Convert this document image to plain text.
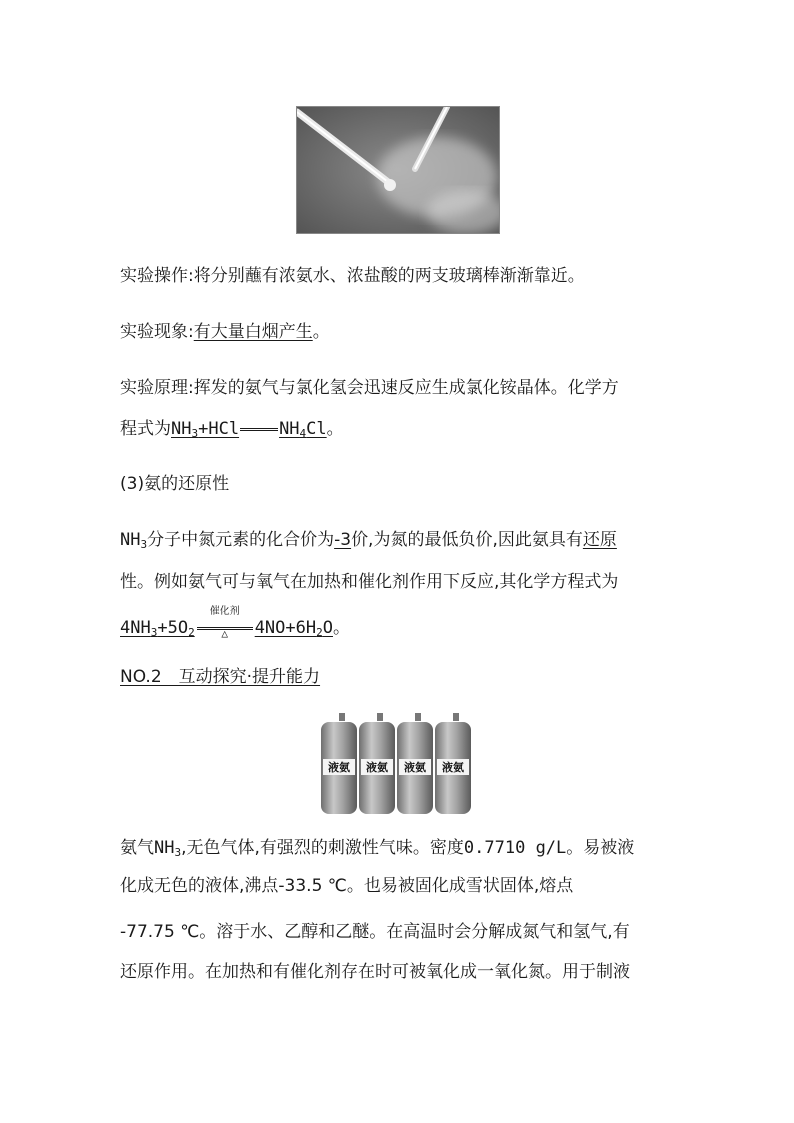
实验操作:将分别蘸有浓氨水、浓盐酸的两支玻璃棒渐渐靠近。
实验现象:有大量白烟产生。
实验原理:挥发的氨气与氯化氢会迅速反应生成氯化铵晶体。化学方
程式为$NH_3+HCl$ $NH_4Cl$。
(3)氨的还原性
$NH_3$分子中氮元素的化合价为-3价,为氮的最低负价,因此氨具有还原
性。例如氨气可与氧气在加热和催化剂作用下反应,其化学方程式为
$4NH_3+5O_2$
催化剂
△	$4NO+6H_2O$。
NO.2　互动探究·提升能力
液氨 液氨 液氨 液氨
氨气$NH_3$,无色气体,有强烈的刺激性气味。密度0.7710 g/L。易被液
化成无色的液体,沸点-33.5 ℃。也易被固化成雪状固体,熔点
-77.75 ℃。溶于水、乙醇和乙醚。在高温时会分解成氮气和氢气,有
还原作用。在加热和有催化剂存在时可被氧化成一氧化氮。用于制液
